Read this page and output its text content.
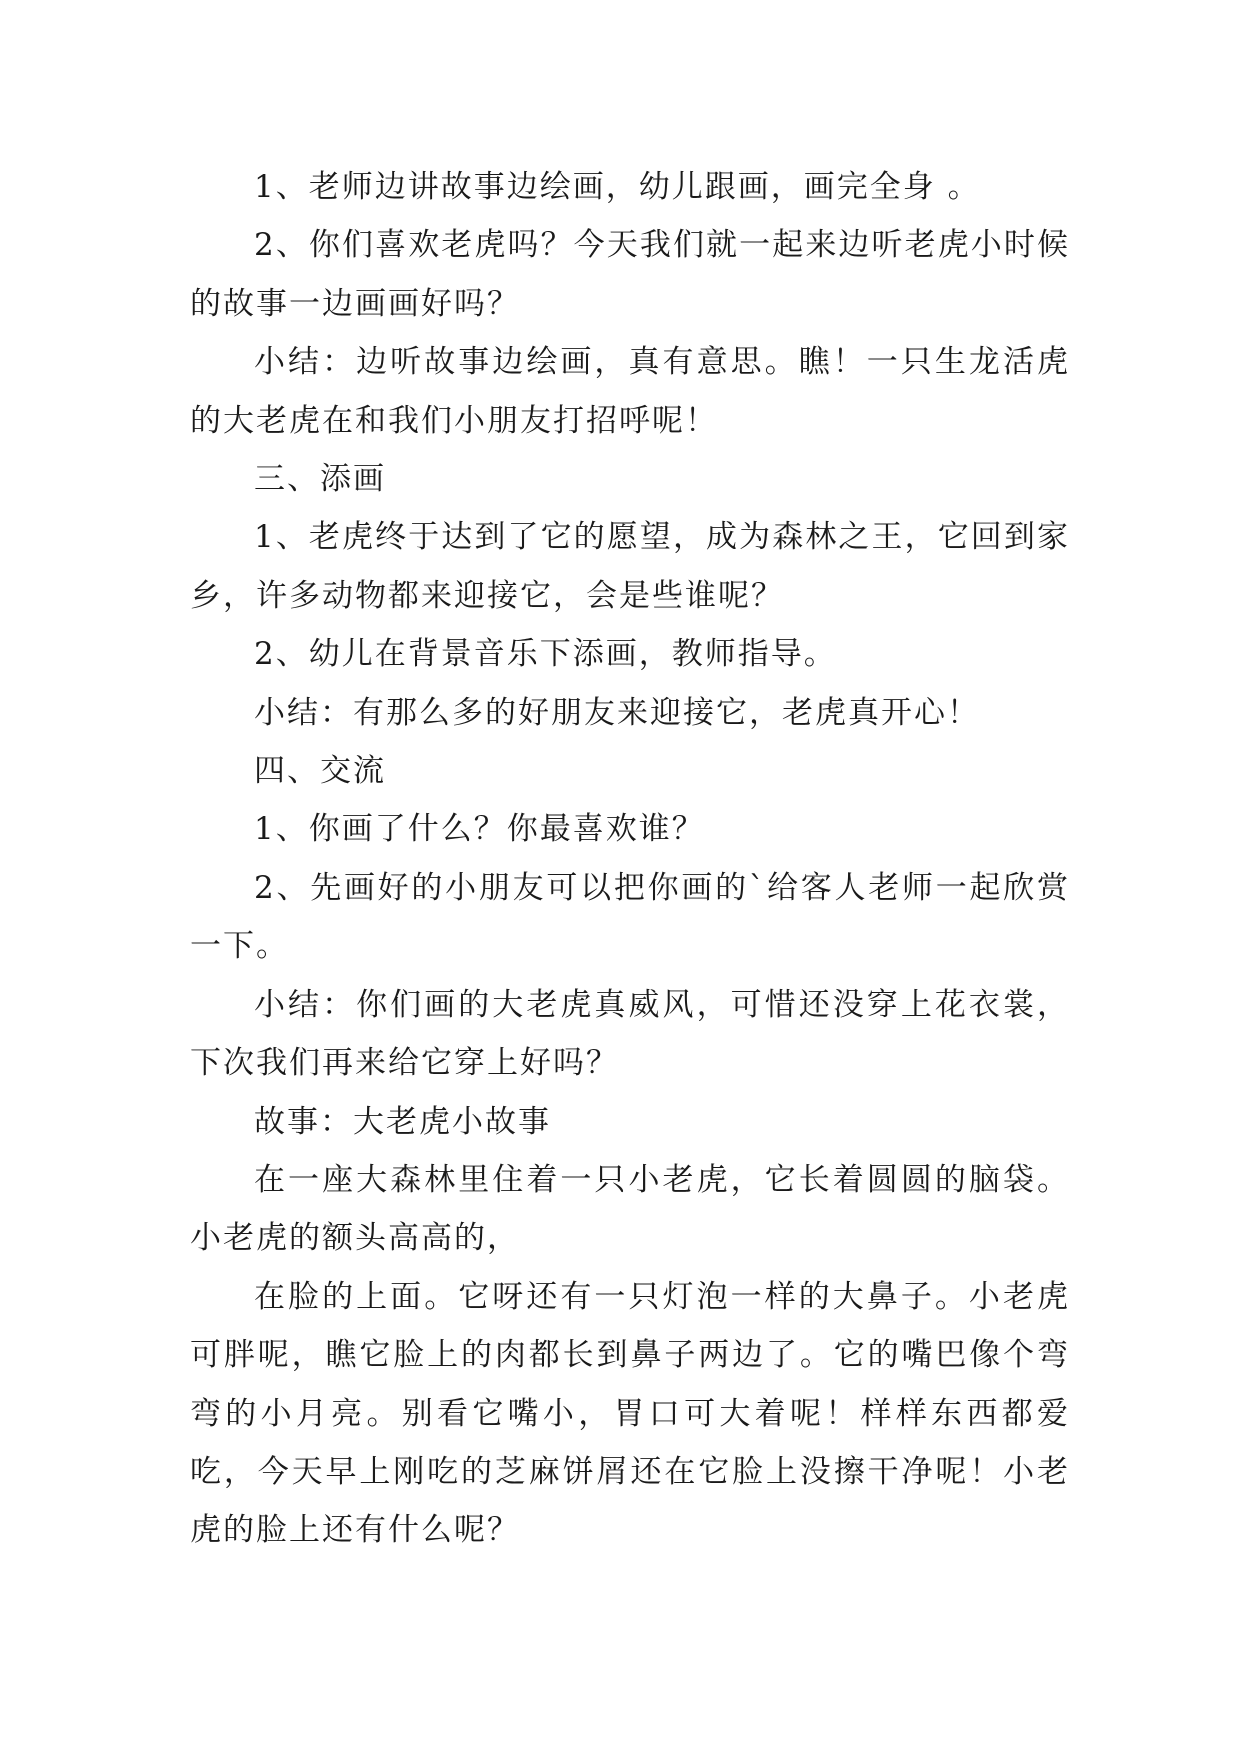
1、老师边讲故事边绘画，幼儿跟画，画完全身 。

2、你们喜欢老虎吗？今天我们就一起来边听老虎小时候的故事一边画画好吗？

小结：边听故事边绘画，真有意思。瞧！一只生龙活虎的大老虎在和我们小朋友打招呼呢！

三、添画

1、老虎终于达到了它的愿望，成为森林之王，它回到家乡，许多动物都来迎接它，会是些谁呢？

2、幼儿在背景音乐下添画，教师指导。

小结：有那么多的好朋友来迎接它，老虎真开心！

四、交流

1、你画了什么？你最喜欢谁？

2、先画好的小朋友可以把你画的`给客人老师一起欣赏一下。

小结：你们画的大老虎真威风，可惜还没穿上花衣裳，下次我们再来给它穿上好吗？

故事：大老虎小故事

在一座大森林里住着一只小老虎，它长着圆圆的脑袋。小老虎的额头高高的，

在脸的上面。它呀还有一只灯泡一样的大鼻子。小老虎可胖呢，瞧它脸上的肉都长到鼻子两边了。它的嘴巴像个弯弯的小月亮。别看它嘴小，胃口可大着呢！样样东西都爱吃，今天早上刚吃的芝麻饼屑还在它脸上没擦干净呢！小老虎的脸上还有什么呢？
